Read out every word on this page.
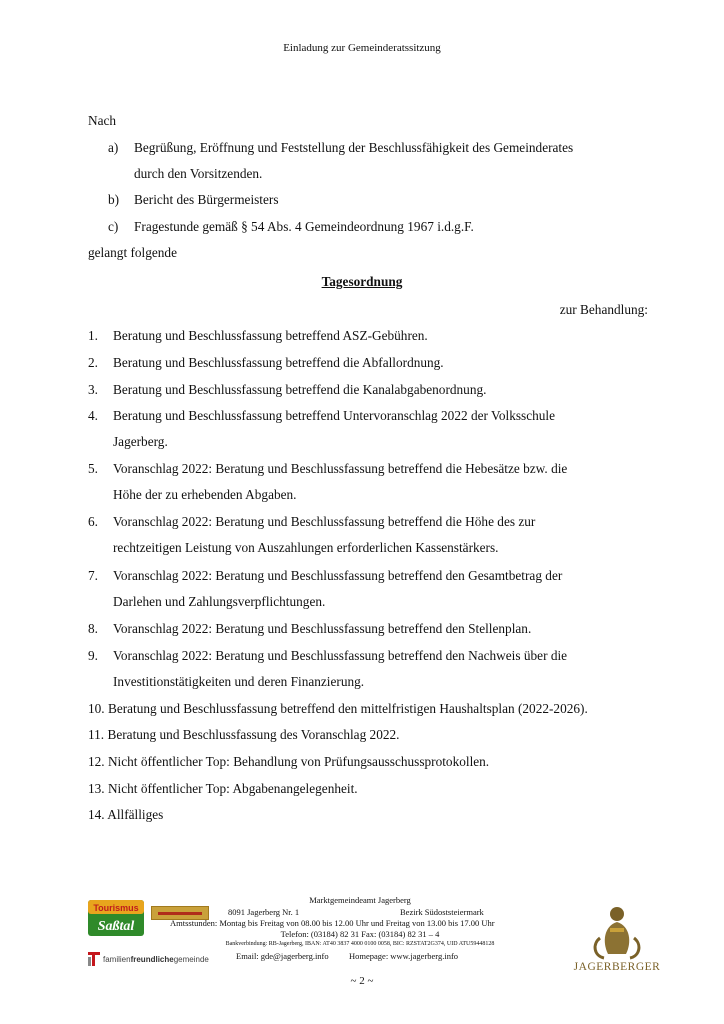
Einladung zur Gemeinderatssitzung
Nach
a) Begrüßung, Eröffnung und Feststellung der Beschlussfähigkeit des Gemeinderates
durch den Vorsitzenden.
b) Bericht des Bürgermeisters
c) Fragestunde gemäß § 54 Abs. 4 Gemeindeordnung 1967 i.d.g.F.
gelangt folgende
Tagesordnung
zur Behandlung:
1. Beratung und Beschlussfassung betreffend ASZ-Gebühren.
2. Beratung und Beschlussfassung betreffend die Abfallordnung.
3. Beratung und Beschlussfassung betreffend die Kanalabgabenordnung.
4. Beratung und Beschlussfassung betreffend Untervoranschlag 2022 der Volksschule
Jagerberg.
5. Voranschlag 2022: Beratung und Beschlussfassung betreffend die Hebesätze bzw. die
Höhe der zu erhebenden Abgaben.
6. Voranschlag 2022: Beratung und Beschlussfassung betreffend die Höhe des zur
rechtzeitigen Leistung von Auszahlungen erforderlichen Kassenstärkers.
7. Voranschlag 2022: Beratung und Beschlussfassung betreffend den Gesamtbetrag der
Darlehen und Zahlungsverpflichtungen.
8. Voranschlag 2022: Beratung und Beschlussfassung betreffend den Stellenplan.
9. Voranschlag 2022: Beratung und Beschlussfassung betreffend den Nachweis über die
Investitionstätigkeiten und deren Finanzierung.
10. Beratung und Beschlussfassung betreffend den mittelfristigen Haushaltsplan (2022-2026).
11. Beratung und Beschlussfassung des Voranschlag 2022.
12. Nicht öffentlicher Top: Behandlung von Prüfungsausschussprotokollen.
13. Nicht öffentlicher Top: Abgabenangelegenheit.
14. Allfälliges
Tourismus
Saßtal
Marktgemeindeamt Jagerberg
8091 Jagerberg Nr. 1	Bezirk Südoststeiermark
Amtsstunden: Montag bis Freitag von 08.00 bis 12.00 Uhr und Freitag von 13.00 bis 17.00 Uhr
Telefon: (03184) 82 31 Fax: (03184) 82 31 – 4
Bankverbindung: RB-Jagerberg, IBAN: AT40 3837 4000 0100 0058, BIC: RZSTAT2G374, UID ATU59448128
Email: gde@jagerberg.info Homepage: www.jagerberg.info
familienfreundlichegemeinde
JAGERBERGER
~ 2 ~
